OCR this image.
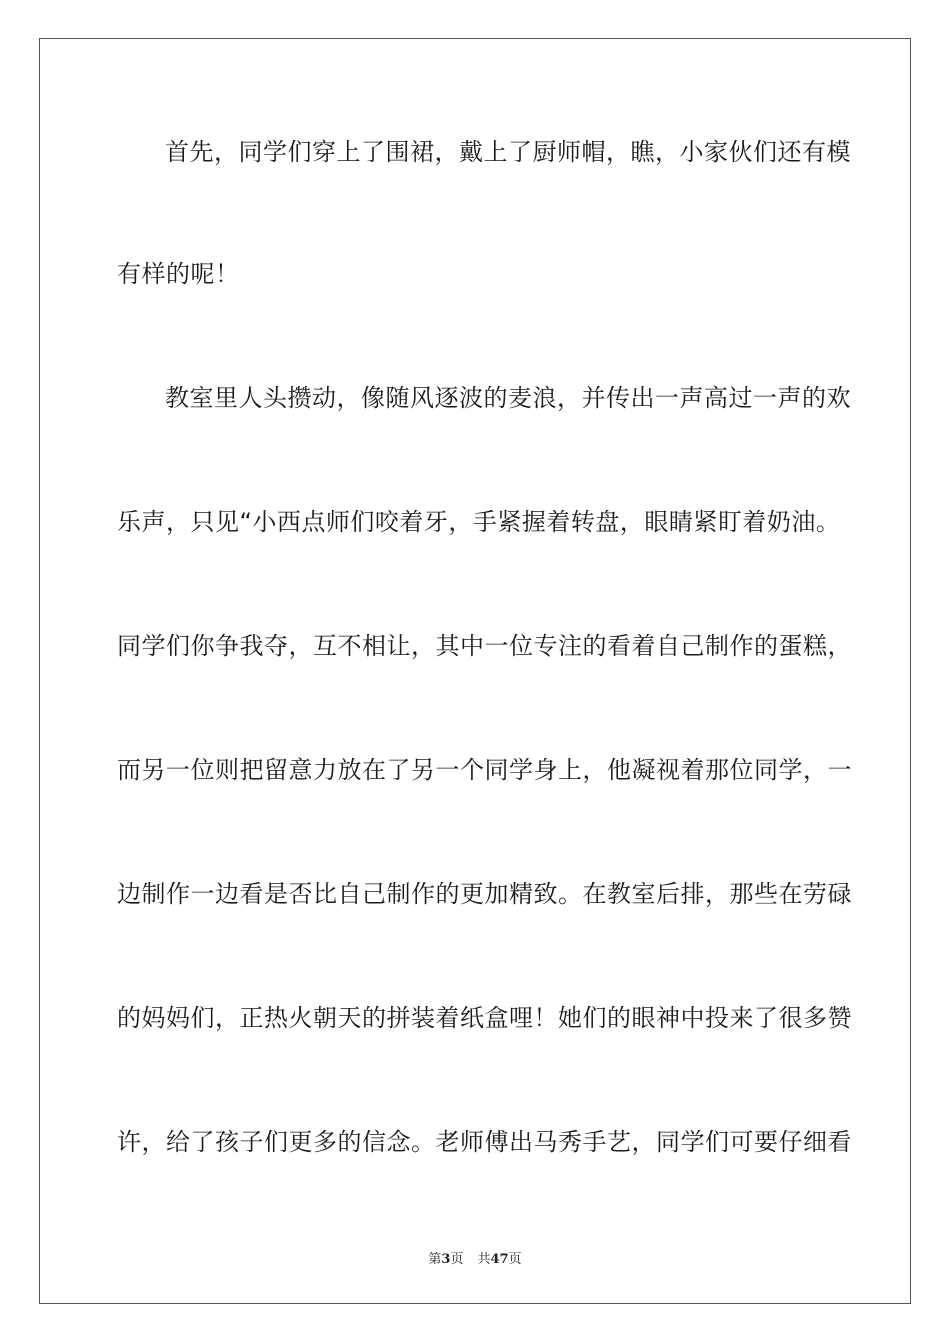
首先，同学们穿上了围裙，戴上了厨师帽，瞧，小家伙们还有模
有样的呢！
教室里人头攒动，像随风逐波的麦浪，并传出一声高过一声的欢
乐声，只见“小西点师们咬着牙，手紧握着转盘，眼睛紧盯着奶油。
同学们你争我夺，互不相让，其中一位专注的看着自己制作的蛋糕，
而另一位则把留意力放在了另一个同学身上，他凝视着那位同学，一
边制作一边看是否比自己制作的更加精致。在教室后排，那些在劳碌
的妈妈们，正热火朝天的拼装着纸盒哩！她们的眼神中投来了很多赞
许，给了孩子们更多的信念。老师傅出马秀手艺，同学们可要仔细看
第3页 共47页
